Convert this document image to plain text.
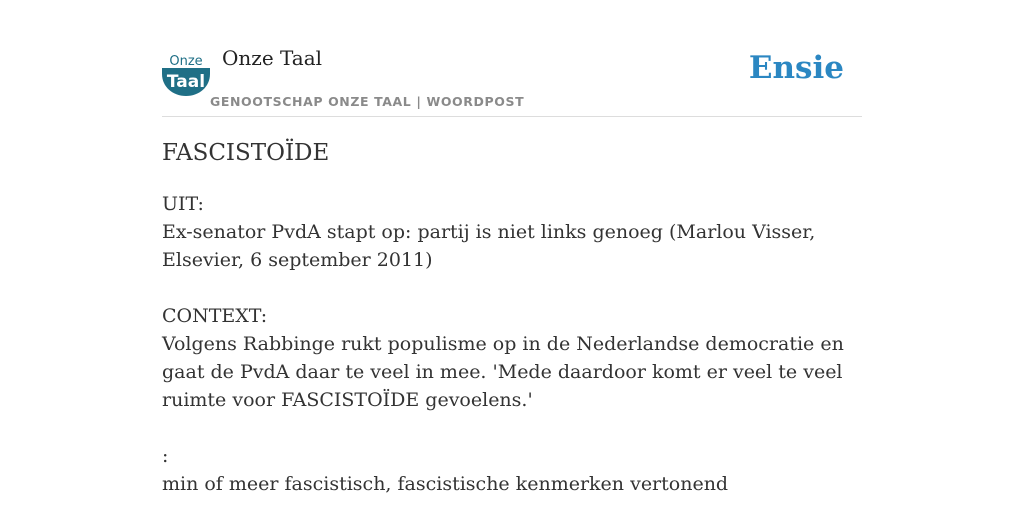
Onze
Taal
Onze Taal
GENOOTSCHAP ONZE TAAL | WOORDPOST
Ensie
FASCISTOÏDE

UIT:

Ex-senator PvdA stapt op: partij is niet links genoeg (Marlou Visser, Elsevier, 6 september 2011)

CONTEXT:

Volgens Rabbinge rukt populisme op in de Nederlandse democratie en gaat de PvdA daar te veel in mee. 'Mede daardoor komt er veel te veel ruimte voor FASCISTOÏDE gevoelens.'

:

min of meer fascistisch, fascistische kenmerken vertonend
